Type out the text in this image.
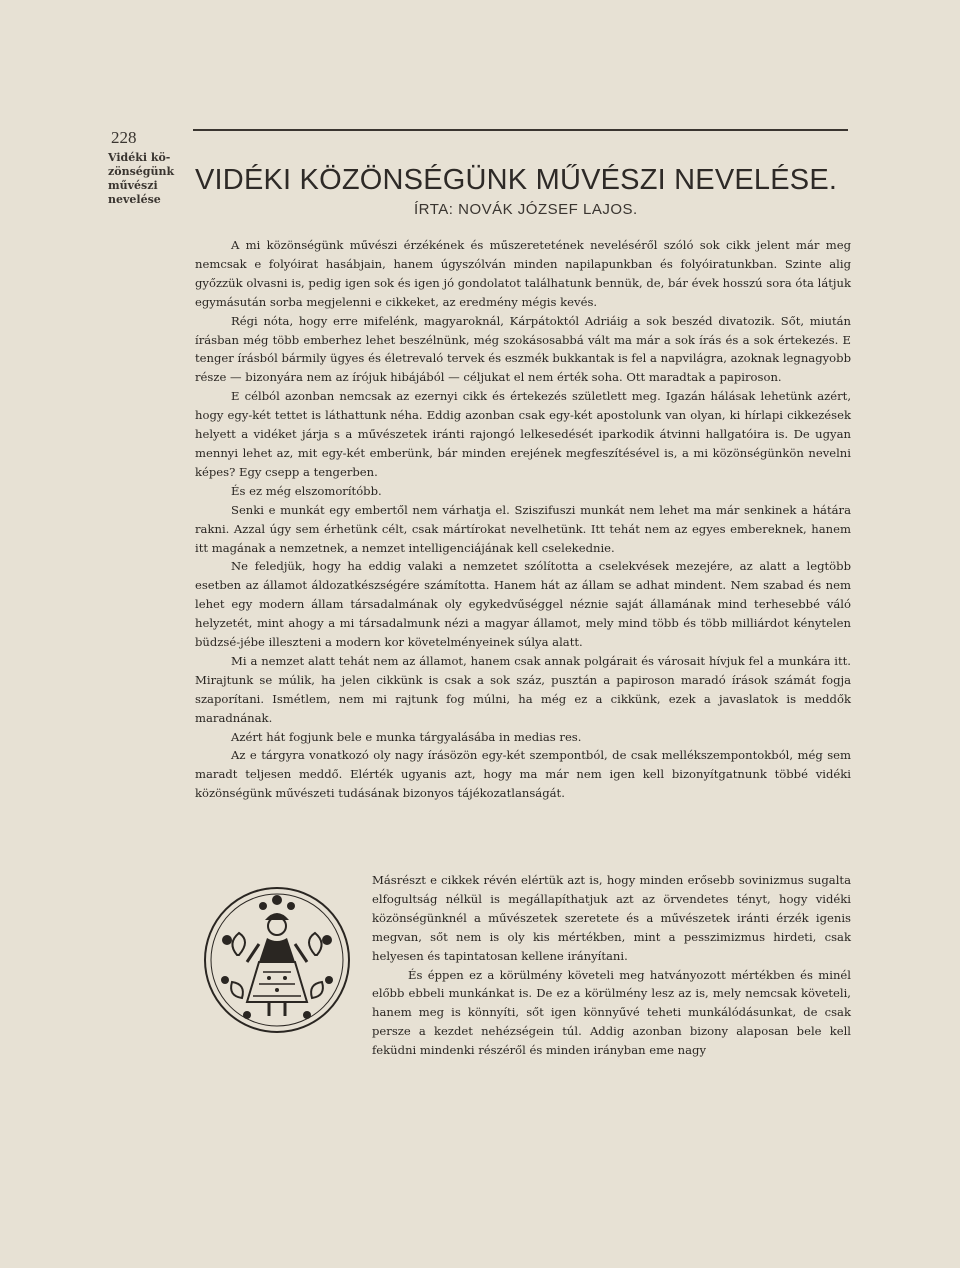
228
Vidéki kö-
zönségünk
művészi
nevelése
VIDÉKI KÖZÖNSÉGÜNK MŰVÉSZI NEVELÉSE.
ÍRTA: NOVÁK JÓZSEF LAJOS.

A mi közönségünk művészi érzékének és műszeretetének neveléséről szóló sok cikk jelent már meg nemcsak e folyóirat hasábjain, hanem úgyszólván minden napilapunkban és folyóiratunkban. Szinte alig győzzük olvasni is, pedig igen sok és igen jó gondolatot találhatunk bennük, de, bár évek hosszú sora óta látjuk egymásután sorba megjelenni e cikkeket, az eredmény mégis kevés.

Régi nóta, hogy erre mifelénk, magyaroknál, Kárpátoktól Adriáig a sok beszéd divatozik. Sőt, miután írásban még több emberhez lehet beszélnünk, még szokásosabbá vált ma már a sok írás és a sok értekezés. E tenger írásból bármily ügyes és életrevaló tervek és eszmék bukkantak is fel a napvilágra, azoknak legnagyobb része — bizonyára nem az írójuk hibájából — céljukat el nem érték soha. Ott maradtak a papiroson.

E célból azonban nemcsak az ezernyi cikk és értekezés születlett meg. Igazán hálásak lehetünk azért, hogy egy-két tettet is láthattunk néha. Eddig azonban csak egy-két apostolunk van olyan, ki hírlapi cikkezések helyett a vidéket járja s a művészetek iránti rajongó lelkesedését iparkodik átvinni hallgatóira is. De ugyan mennyi lehet az, mit egy-két emberünk, bár minden erejének megfeszítésével is, a mi közönségünkön nevelni képes? Egy csepp a tengerben.

És ez még elszomorítóbb.

Senki e munkát egy embertől nem várhatja el. Sziszifuszi munkát nem lehet ma már senkinek a hátára rakni. Azzal úgy sem érhetünk célt, csak mártírokat nevelhetünk. Itt tehát nem az egyes embereknek, hanem itt magának a nemzetnek, a nemzet intelligenciájának kell cselekednie.

Ne feledjük, hogy ha eddig valaki a nemzetet szólította a cselekvések mezejére, az alatt a legtöbb esetben az államot áldozatkészségére számította. Hanem hát az állam se adhat mindent. Nem szabad és nem lehet egy modern állam társadalmának oly egykedvűséggel néznie saját államának mind terhesebbé váló helyzetét, mint ahogy a mi társadalmunk nézi a magyar államot, mely mind több és több milliárdot kénytelen büdzsé-jébe illeszteni a modern kor követelményeinek súlya alatt.

Mi a nemzet alatt tehát nem az államot, hanem csak annak polgárait és városait hívjuk fel a munkára itt. Mirajtunk se múlik, ha jelen cikkünk is csak a sok száz, pusztán a papiroson maradó írások számát fogja szaporítani. Ismétlem, nem mi rajtunk fog múlni, ha még ez a cikkünk, ezek a javaslatok is meddők maradnának.

Azért hát fogjunk bele e munka tárgyalásába in medias res.

Az e tárgyra vonatkozó oly nagy írásözön egy-két szempontból, de csak mellékszempontokból, még sem maradt teljesen meddő. Elérték ugyanis azt, hogy ma már nem igen kell bizonyítgatnunk többé vidéki közönségünk művészeti tudásának bizonyos tájékozatlanságát.

Másrészt e cikkek révén elértük azt is, hogy minden erősebb sovinizmus sugalta elfogultság nélkül is megállapíthatjuk azt az örvendetes tényt, hogy vidéki közönségünknél a művészetek szeretete és a művészetek iránti érzék igenis megvan, sőt nem is oly kis mértékben, mint a pesszimizmus hirdeti, csak helyesen és tapintatosan kellene irányítani.

És éppen ez a körülmény követeli meg hatványozott mértékben és minél előbb ebbeli munkánkat is. De ez a körülmény lesz az is, mely nemcsak követeli, hanem meg is könnyíti, sőt igen könnyűvé teheti munkálódásunkat, de csak persze a kezdet nehézségein túl. Addig azonban bizony alaposan bele kell feküdni mindenki részéről és minden irányban eme nagy
